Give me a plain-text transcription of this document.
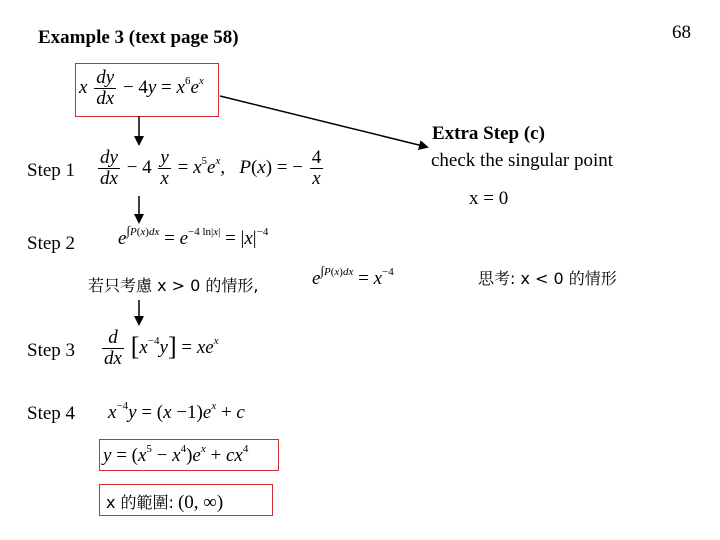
Example 3 (text page 58)	68
x $\frac{dy}{dx} - 4y = x^6e^x$
Step $1 \frac{dy}{dx} - 4 \frac{y}{x} = x^5e^x$,   P(x) = − $\frac{4}{x}$
Step 2 $e^{\int P(x)dx} = e^{-4 ln|x|} = |x|^{-4}$
若只考慮 x > 0 的情形,	$e^{\int P(x)dx} = x^{-4}$
Step $3 \frac{d}{dx} [x^{-4}y] = xe^x$
Step 4 $x^{-4}y = (x -1)e^x + c$
$y = (x^5 - x^4)e^x + cx^4$
x 的範圍: (0, ∞)
Extra Step (c)
check the singular point
x = 0
思考: x < 0 的情形
